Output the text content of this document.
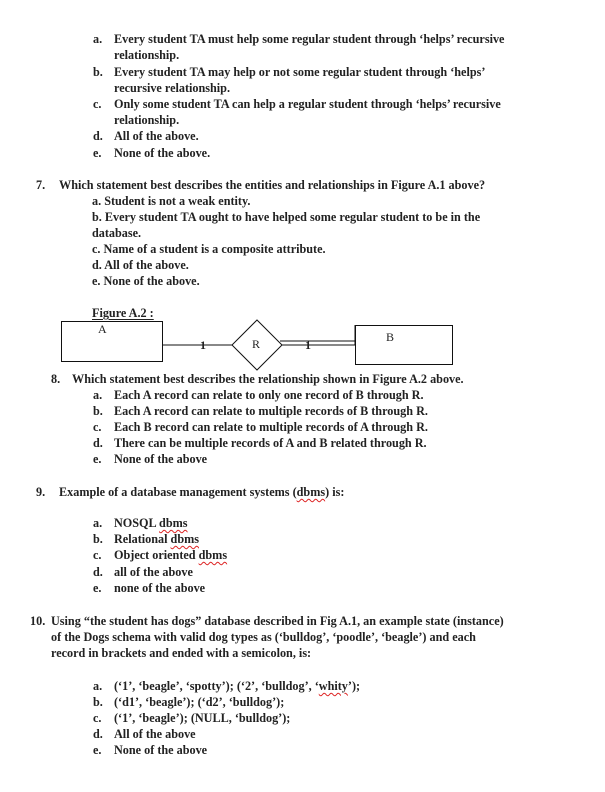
a. Every student TA must help some regular student through ‘helps’ recursive
relationship.
b. Every student TA may help or not some regular student through ‘helps’
recursive relationship.
c. Only some student TA can help a regular student through ‘helps’ recursive
relationship.
d. All of the above.
e. None of the above.
7. Which statement best describes the entities and relationships in Figure A.1 above?
a. Student is not a weak entity.
b. Every student TA ought to have helped some regular student to be in the
database.
c. Name of a student is a composite attribute.
d. All of the above.
e. None of the above.
Figure A.2 :
A
B
R
1	1
8. Which statement best describes the relationship shown in Figure A.2 above.
a. Each A record can relate to only one record of B through R.
b. Each A record can relate to multiple records of B through R.
c. Each B record can relate to multiple records of A through R.
d. There can be multiple records of A and B related through R.
e. None of the above
9. Example of a database management systems (dbms) is:
a. NOSQL dbms
b. Relational dbms
c. Object oriented dbms
d. all of the above
e. none of the above
10. Using “the student has dogs” database described in Fig A.1, an example state (instance)
of the Dogs schema with valid dog types as (‘bulldog’, ‘poodle’, ‘beagle’) and each
record in brackets and ended with a semicolon, is:
a. (‘1’, ‘beagle’, ‘spotty’); (‘2’, ‘bulldog’, ‘whity’);
b. (‘d1’, ‘beagle’); (‘d2’, ‘bulldog’);
c. (‘1’, ‘beagle’); (NULL, ‘bulldog’);
d. All of the above
e. None of the above
